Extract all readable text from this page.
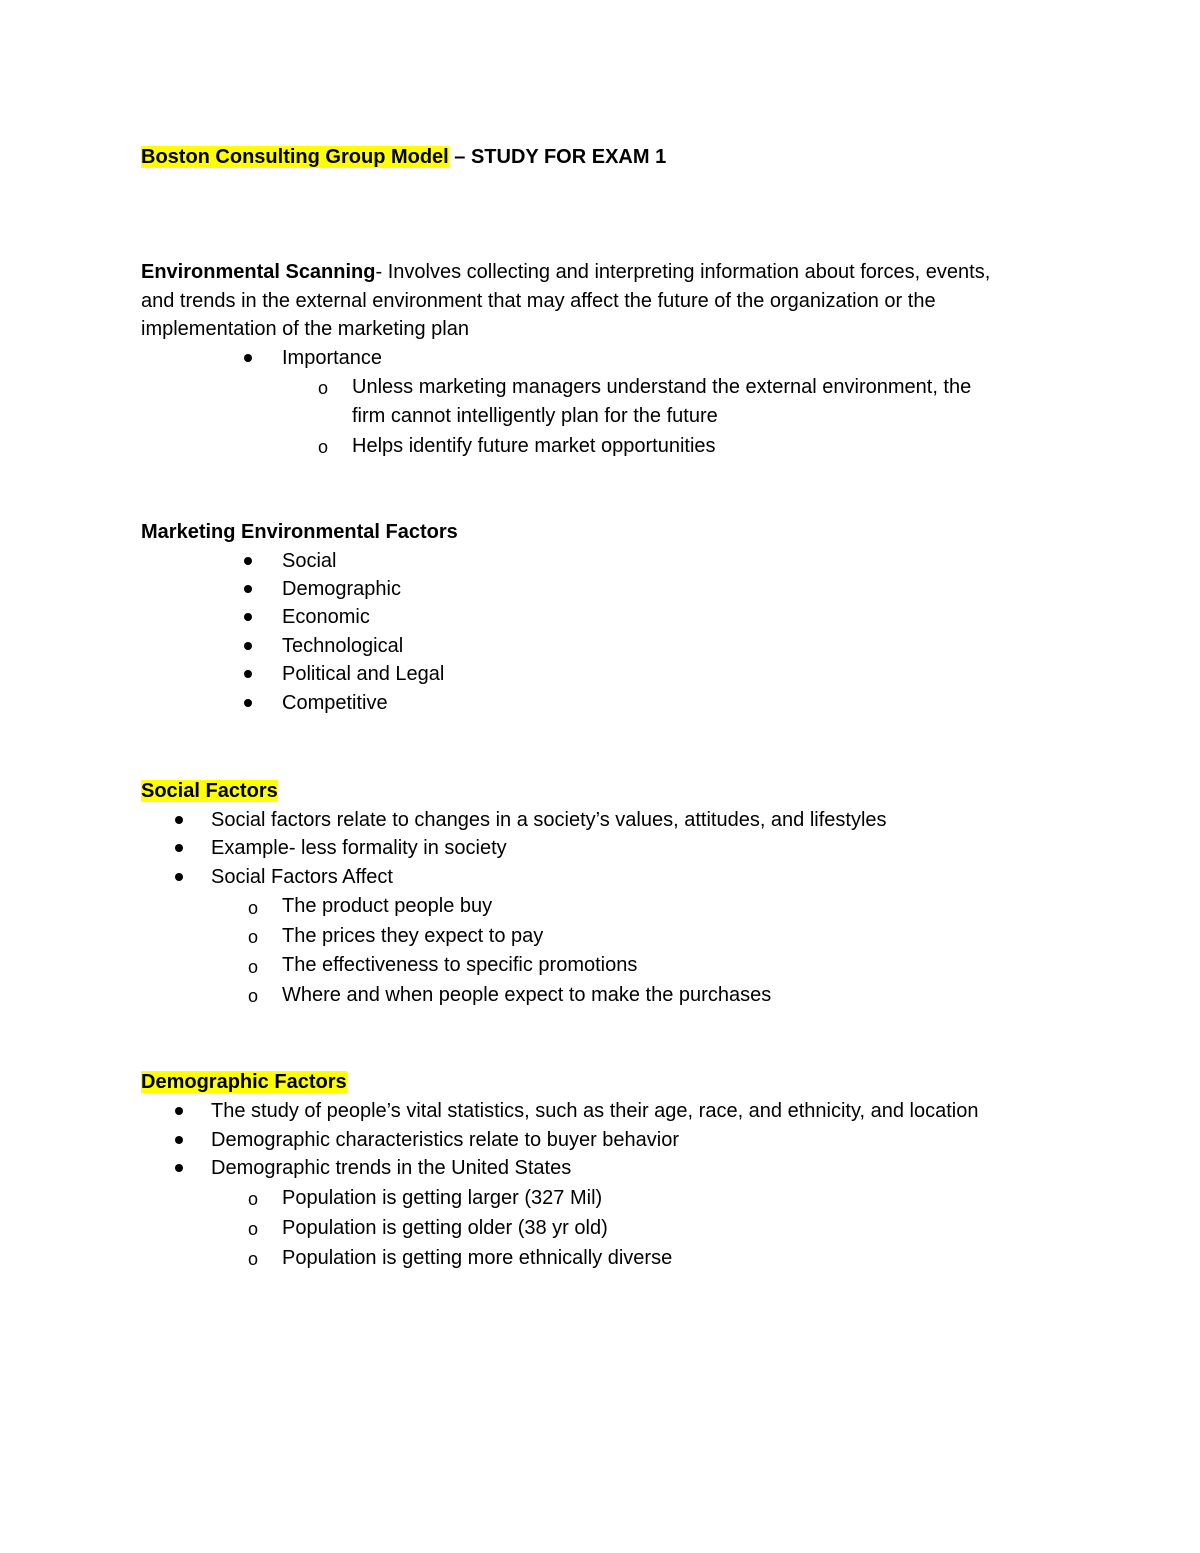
Boston Consulting Group Model – STUDY FOR EXAM 1
Environmental Scanning- Involves collecting and interpreting information about forces, events,
and trends in the external environment that may affect the future of the organization or the
implementation of the marketing plan
Importance
o Unless marketing managers understand the external environment, the
firm cannot intelligently plan for the future
o Helps identify future market opportunities
Marketing Environmental Factors
Social
Demographic
Economic
Technological
Political and Legal
Competitive
Social Factors
Social factors relate to changes in a society’s values, attitudes, and lifestyles
Example- less formality in society
Social Factors Affect
o The product people buy
o The prices they expect to pay
o The effectiveness to specific promotions
o Where and when people expect to make the purchases
Demographic Factors
The study of people’s vital statistics, such as their age, race, and ethnicity, and location
Demographic characteristics relate to buyer behavior
Demographic trends in the United States
o Population is getting larger (327 Mil)
o Population is getting older (38 yr old)
o Population is getting more ethnically diverse
